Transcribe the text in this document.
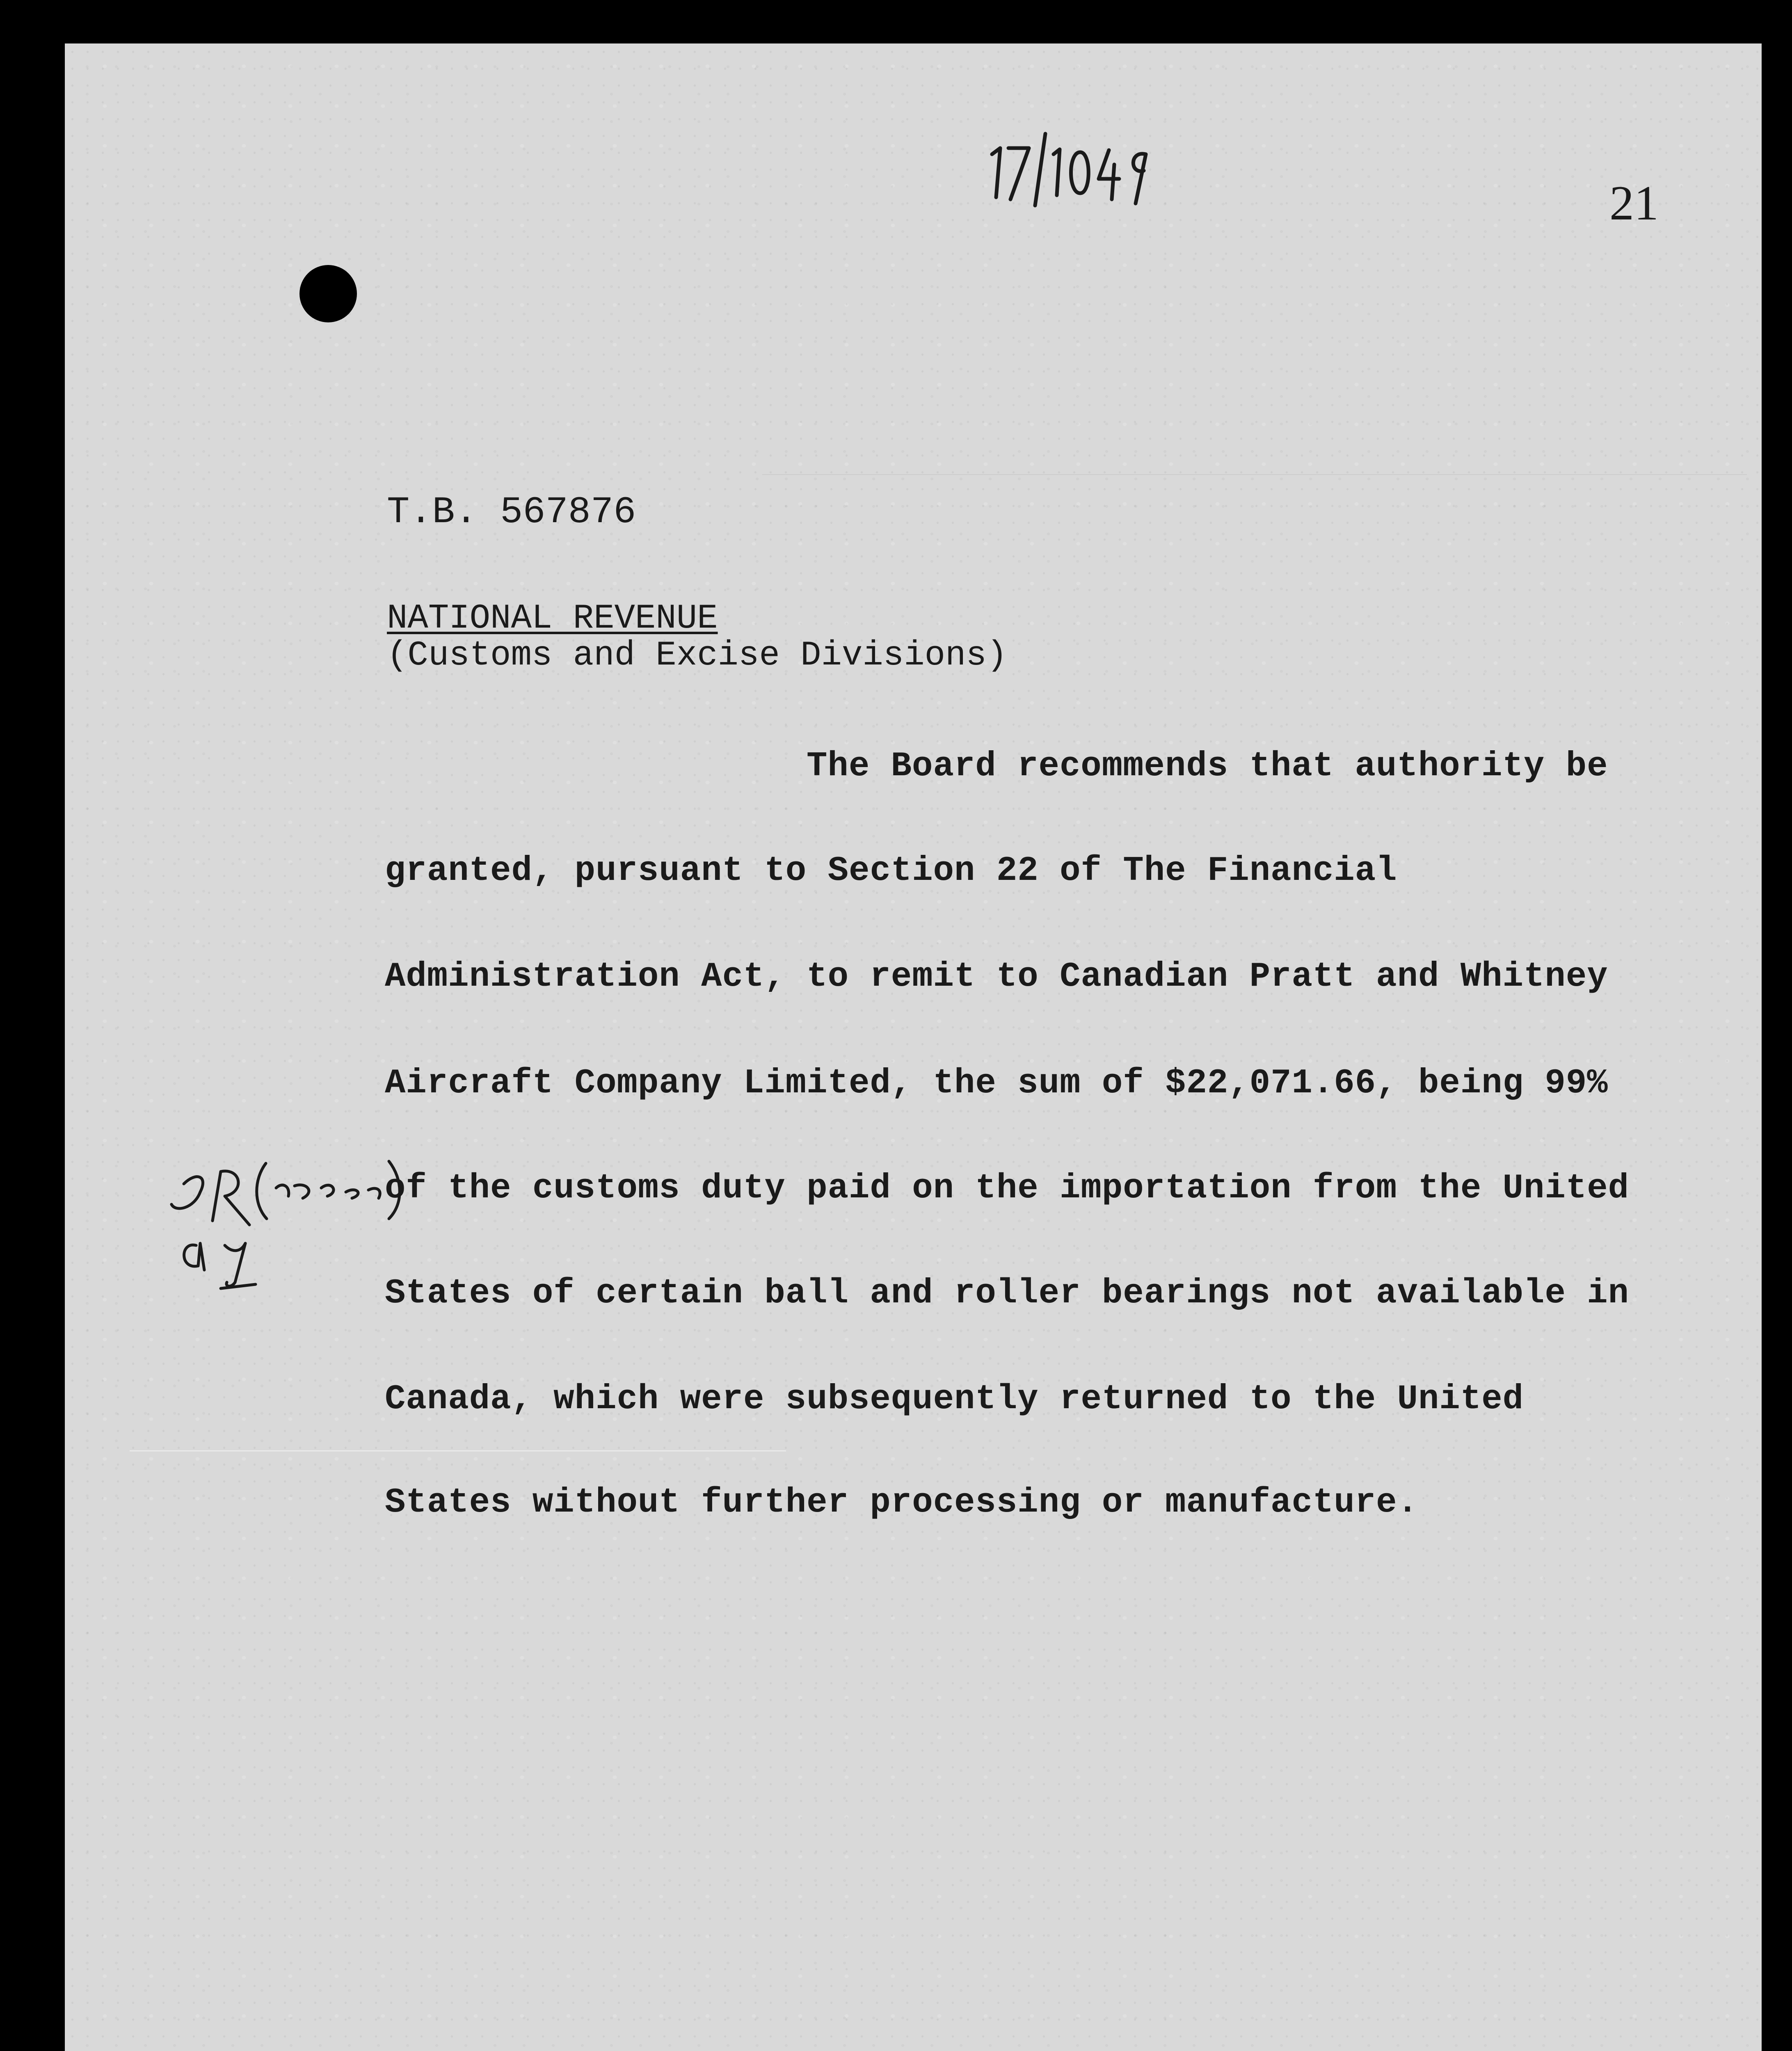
21

T.B. 567876

NATIONAL REVENUE

(Customs and Excise Divisions)

The Board recommends that authority be

granted, pursuant to Section 22 of The Financial

Administration Act, to remit to Canadian Pratt and Whitney

Aircraft Company Limited, the sum of $22,071.66, being 99%

of the customs duty paid on the importation from the United

States of certain ball and roller bearings not available in

Canada, which were subsequently returned to the United

States without further processing or manufacture.
